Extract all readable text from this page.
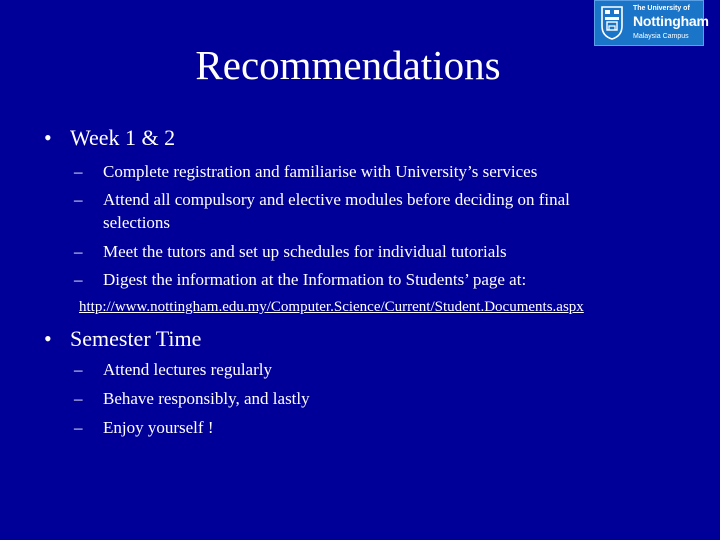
Recommendations
The University of
Nottingham
Malaysia Campus
• Week 1 & 2
– Complete registration and familiarise with University’s services
– Attend all compulsory and elective modules before deciding on final
selections
– Meet the tutors and set up schedules for individual tutorials
– Digest the information at the Information to Students’ page at:
http://www.nottingham.edu.my/Computer.Science/Current/Student.Documents.aspx
• Semester Time
– Attend lectures regularly
– Behave responsibly, and lastly
– Enjoy yourself !
